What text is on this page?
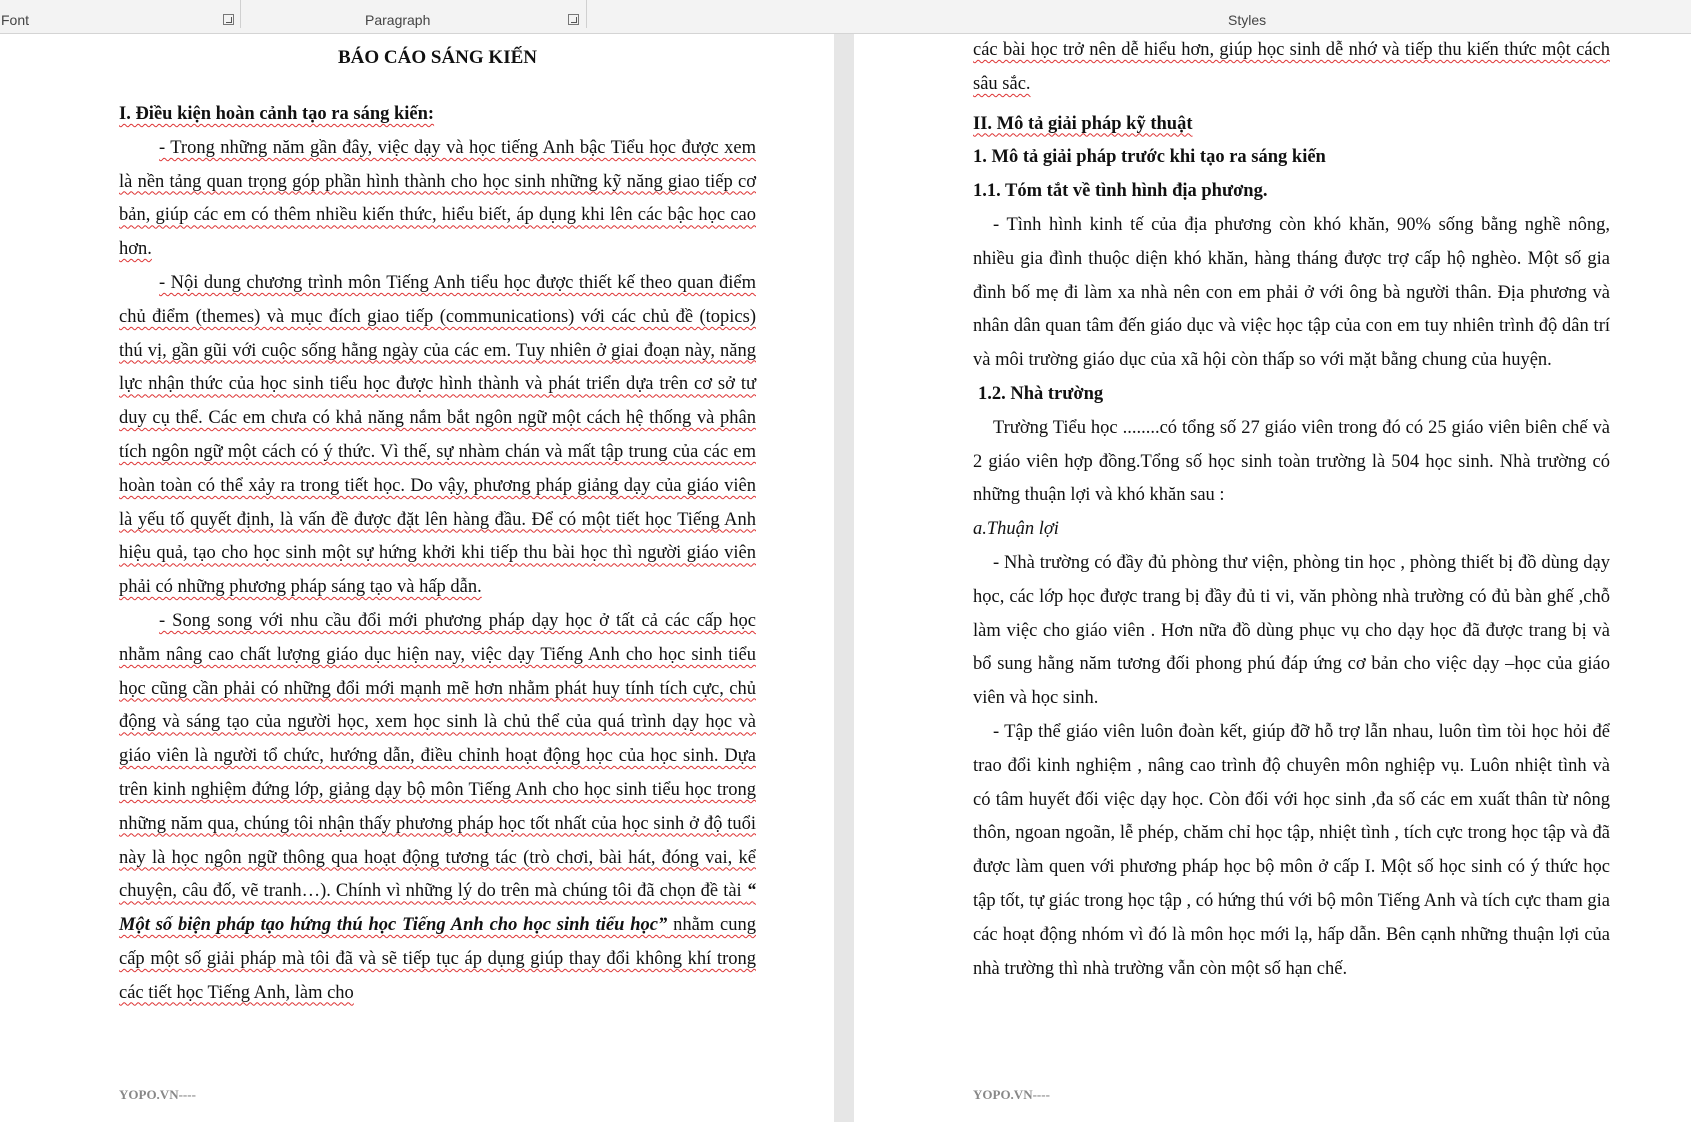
Font	Paragraph	Styles

BÁO CÁO SÁNG KIẾN

I. Điều kiện hoàn cảnh tạo ra sáng kiến:

- Trong những năm gần đây, việc dạy và học tiếng Anh bậc Tiểu học được xem là nền tảng quan trọng góp phần hình thành cho học sinh những kỹ năng giao tiếp cơ bản, giúp các em có thêm nhiều kiến thức, hiểu biết, áp dụng khi lên các bậc học cao hơn.

- Nội dung chương trình môn Tiếng Anh tiểu học được thiết kế theo quan điểm chủ điểm (themes) và mục đích giao tiếp (communications) với các chủ đề (topics) thú vị, gần gũi với cuộc sống hằng ngày của các em. Tuy nhiên ở giai đoạn này, năng lực nhận thức của học sinh tiểu học được hình thành và phát triển dựa trên cơ sở tư duy cụ thể. Các em chưa có khả năng nắm bắt ngôn ngữ một cách hệ thống và phân tích ngôn ngữ một cách có ý thức. Vì thế, sự nhàm chán và mất tập trung của các em hoàn toàn có thể xảy ra trong tiết học. Do vậy, phương pháp giảng dạy của giáo viên là yếu tố quyết định, là vấn đề được đặt lên hàng đầu. Để có một tiết học Tiếng Anh hiệu quả, tạo cho học sinh một sự hứng khởi khi tiếp thu bài học thì người giáo viên phải có những phương pháp sáng tạo và hấp dẫn.

- Song song với nhu cầu đổi mới phương pháp dạy học ở tất cả các cấp học nhằm nâng cao chất lượng giáo dục hiện nay, việc dạy Tiếng Anh cho học sinh tiểu học cũng cần phải có những đổi mới mạnh mẽ hơn nhằm phát huy tính tích cực, chủ động và sáng tạo của người học, xem học sinh là chủ thể của quá trình dạy học và giáo viên là người tổ chức, hướng dẫn, điều chỉnh hoạt động học của học sinh. Dựa trên kinh nghiệm đứng lớp, giảng dạy bộ môn Tiếng Anh cho học sinh tiểu học trong những năm qua, chúng tôi nhận thấy phương pháp học tốt nhất của học sinh ở độ tuổi này là học ngôn ngữ thông qua hoạt động tương tác (trò chơi, bài hát, đóng vai, kể chuyện, câu đố, vẽ tranh…). Chính vì những lý do trên mà chúng tôi đã chọn đề tài “ Một số biện pháp tạo hứng thú học Tiếng Anh cho học sinh tiểu học” nhằm cung cấp một số giải pháp mà tôi đã và sẽ tiếp tục áp dụng giúp thay đổi không khí trong các tiết học Tiếng Anh, làm cho

YOPO.VN----

các bài học trở nên dễ hiểu hơn, giúp học sinh dễ nhớ và tiếp thu kiến thức một cách sâu sắc.

II. Mô tả giải pháp kỹ thuật

1. Mô tả giải pháp trước khi tạo ra sáng kiến

1.1. Tóm tắt về tình hình địa phương.

- Tình hình kinh tế của địa phương còn khó khăn, 90% sống bằng nghề nông, nhiều gia đình thuộc diện khó khăn, hàng tháng được trợ cấp hộ nghèo. Một số gia đình bố mẹ đi làm xa nhà nên con em phải ở với ông bà người thân. Địa phương và nhân dân quan tâm đến giáo dục và việc học tập của con em tuy nhiên trình độ dân trí và môi trường giáo dục của xã hội còn thấp so với mặt bằng chung của huyện.

1.2. Nhà trường

Trường Tiểu học ........có tổng số 27 giáo viên trong đó có 25 giáo viên biên chế và 2 giáo viên hợp đồng.Tổng số học sinh toàn trường là 504 học sinh. Nhà trường có những thuận lợi và khó khăn sau :

a.Thuận lợi

- Nhà trường có đầy đủ phòng thư viện, phòng tin học , phòng thiết bị đồ dùng dạy học, các lớp học được trang bị đầy đủ ti vi, văn phòng nhà trường có đủ bàn ghế ,chỗ làm việc cho giáo viên . Hơn nữa đồ dùng phục vụ cho dạy học đã được trang bị và bổ sung hằng năm tương đối phong phú đáp ứng cơ bản cho việc dạy –học của giáo viên và học sinh.

- Tập thể giáo viên luôn đoàn kết, giúp đỡ hỗ trợ lẫn nhau, luôn tìm tòi học hỏi để trao đổi kinh nghiệm , nâng cao trình độ chuyên môn nghiệp vụ. Luôn nhiệt tình và có tâm huyết đối việc dạy học. Còn đối với học sinh ,đa số các em xuất thân từ nông thôn, ngoan ngoãn, lễ phép, chăm chỉ học tập, nhiệt tình , tích cực trong học tập và đã được làm quen với phương pháp học bộ môn ở cấp I. Một số học sinh có ý thức học tập tốt, tự giác trong học tập , có hứng thú với bộ môn Tiếng Anh và tích cực tham gia các hoạt động nhóm vì đó là môn học mới lạ, hấp dẫn. Bên cạnh những thuận lợi của nhà trường thì nhà trường vẫn còn một số hạn chế.

YOPO.VN----
